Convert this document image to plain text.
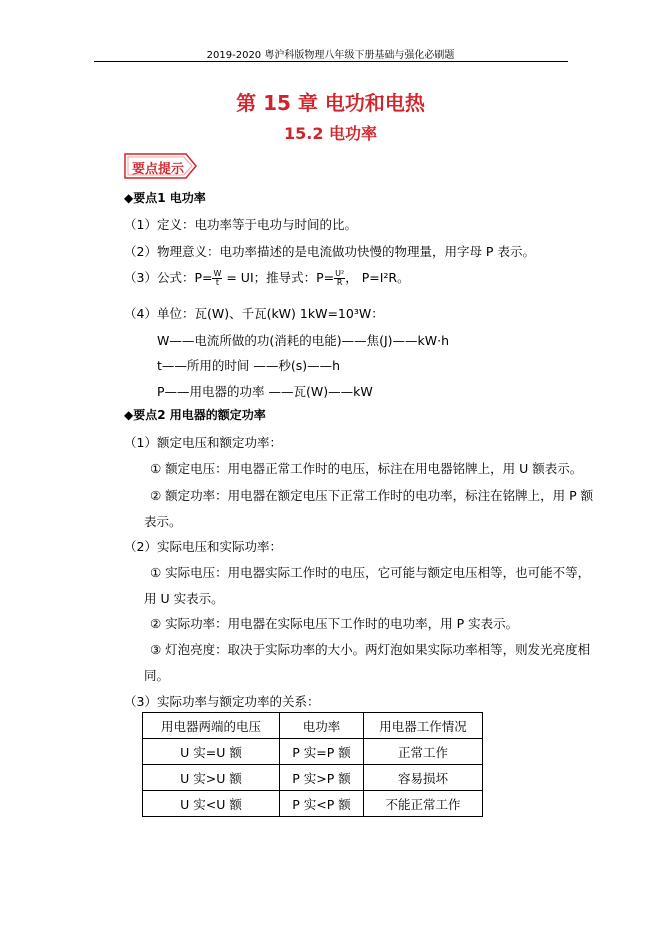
2019-2020 粤沪科版物理八年级下册基础与强化必刷题
第 15 章 电功和电热
15.2 电功率
要点提示
◆要点1 电功率
（1）定义：电功率等于电功与时间的比。
（2）物理意义：电功率描述的是电流做功快慢的物理量，用字母 P 表示。
（3）公式：$P= \frac{W}{t}$ = UI；推导式：$P= \frac{\text{U²}}{R}$ ， P=I²R。
（4）单位：瓦(W)、千瓦(kW) 1kW=10³W：
W——电流所做的功(消耗的电能)——焦(J)——kW·h
t——所用的时间 ——秒(s)——h
P——用电器的功率 ——瓦(W)——kW
◆要点2 用电器的额定功率
（1）额定电压和额定功率：
① 额定电压：用电器正常工作时的电压，标注在用电器铭牌上，用 U 额表示。
② 额定功率：用电器在额定电压下正常工作时的电功率，标注在铭牌上，用 P 额
表示。
（2）实际电压和实际功率：
① 实际电压：用电器实际工作时的电压，它可能与额定电压相等，也可能不等，
用 U 实表示。
② 实际功率：用电器在实际电压下工作时的电功率，用 P 实表示。
③ 灯泡亮度：取决于实际功率的大小。两灯泡如果实际功率相等，则发光亮度相
同。
（3）实际功率与额定功率的关系：
用电器两端的电压	电功率	用电器工作情况
U 实=U 额	P 实=P 额	正常工作
U 实>U 额	P 实>P 额	容易损坏
U 实<U 额	P 实<P 额	不能正常工作
